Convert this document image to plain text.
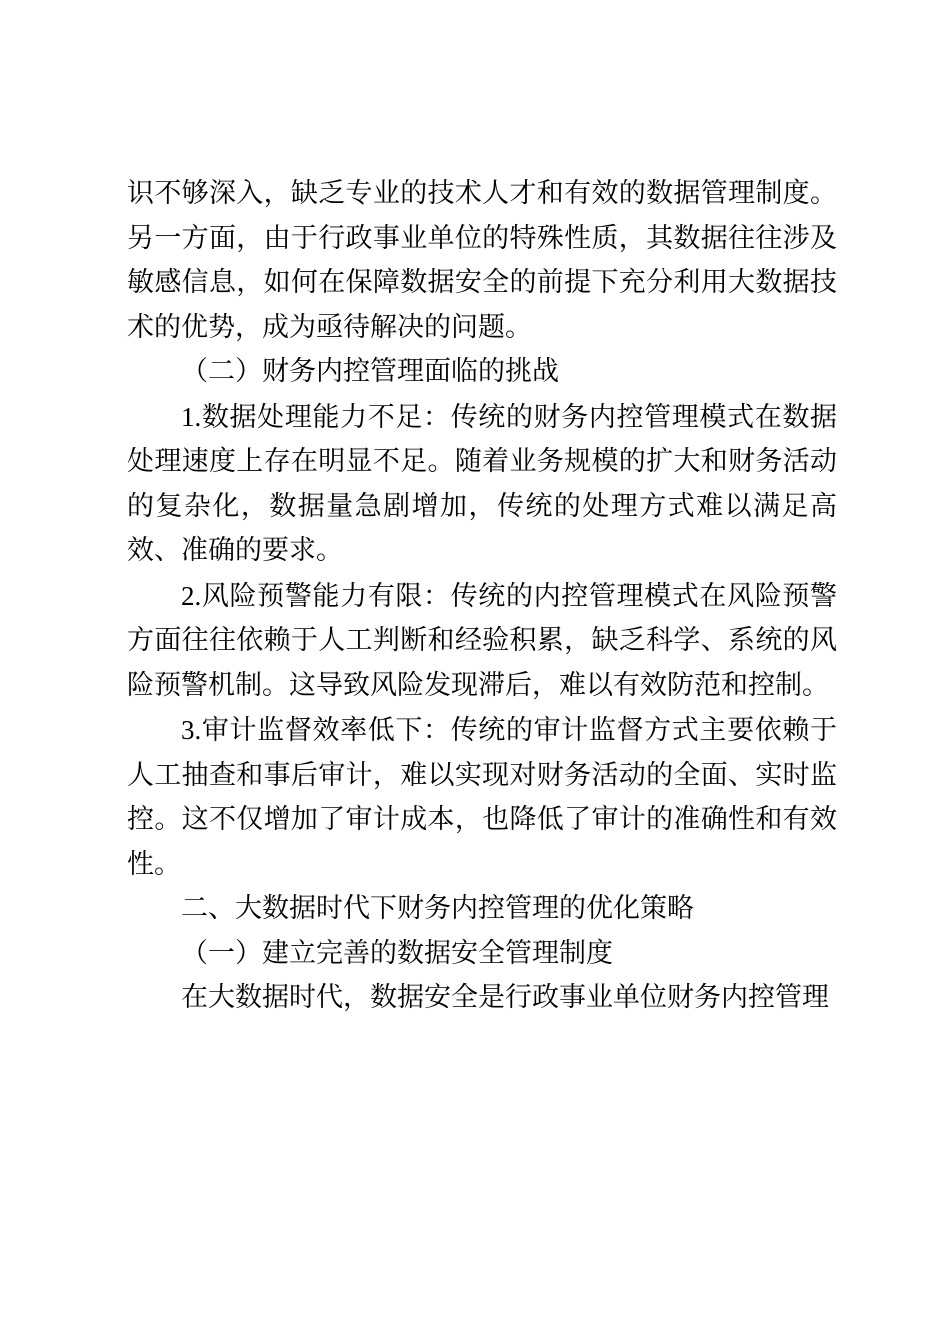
识不够深入，缺乏专业的技术人才和有效的数据管理制度。另一方面，由于行政事业单位的特殊性质，其数据往往涉及敏感信息，如何在保障数据安全的前提下充分利用大数据技术的优势，成为亟待解决的问题。

（二）财务内控管理面临的挑战

1.数据处理能力不足：传统的财务内控管理模式在数据处理速度上存在明显不足。随着业务规模的扩大和财务活动的复杂化，数据量急剧增加，传统的处理方式难以满足高效、准确的要求。

2.风险预警能力有限：传统的内控管理模式在风险预警方面往往依赖于人工判断和经验积累，缺乏科学、系统的风险预警机制。这导致风险发现滞后，难以有效防范和控制。

3.审计监督效率低下：传统的审计监督方式主要依赖于人工抽查和事后审计，难以实现对财务活动的全面、实时监控。这不仅增加了审计成本，也降低了审计的准确性和有效性。

二、大数据时代下财务内控管理的优化策略

（一）建立完善的数据安全管理制度

在大数据时代，数据安全是行政事业单位财务内控管理
